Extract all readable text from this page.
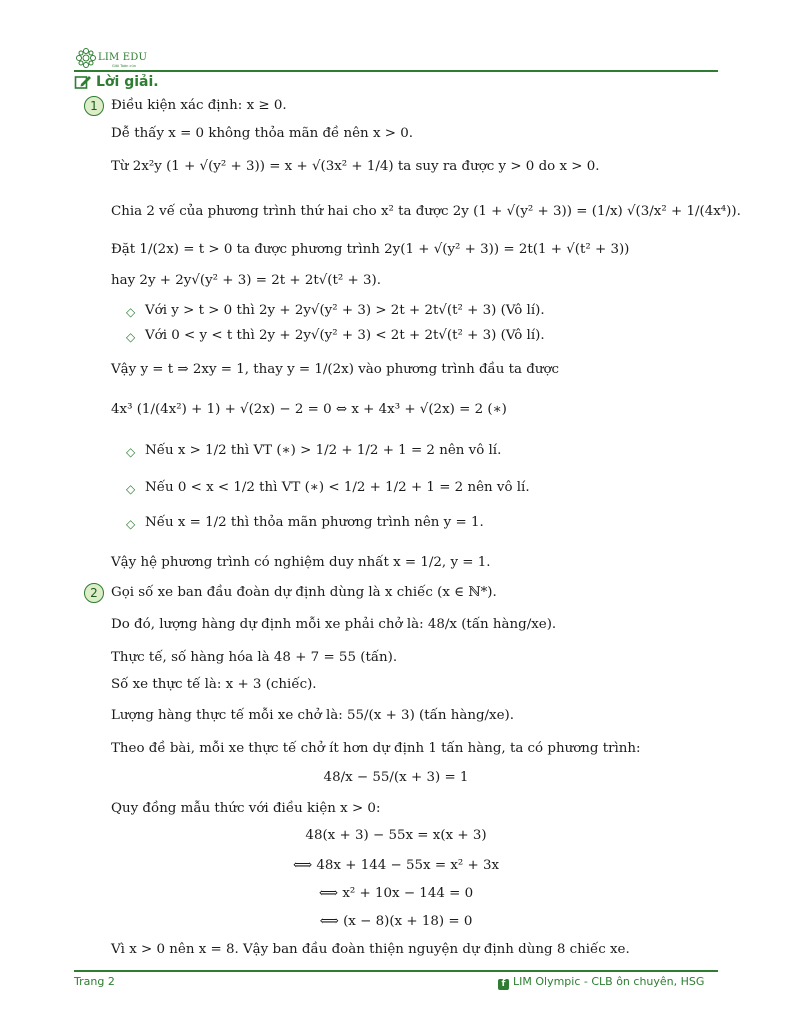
LIM EDU
Giỏi Toán cùn
Lời giải.
1 Điều kiện xác định: x ≥ 0.
Dễ thấy x = 0 không thỏa mãn đề nên x > 0.
Từ 2x²y (1 + √(y² + 3)) = x + √(3x² + 1/4) ta suy ra được y > 0 do x > 0.
Chia 2 vế của phương trình thứ hai cho x² ta được 2y (1 + √(y² + 3)) = (1/x) √(3/x² + 1/(4x⁴)).
Đặt 1/(2x) = t > 0 ta được phương trình 2y(1 + √(y² + 3)) = 2t(1 + √(t² + 3))
hay 2y + 2y√(y² + 3) = 2t + 2t√(t² + 3).
◇ Với y > t > 0 thì 2y + 2y√(y² + 3) > 2t + 2t√(t² + 3) (Vô lí).
◇ Với 0 < y < t thì 2y + 2y√(y² + 3) < 2t + 2t√(t² + 3) (Vô lí).
Vậy y = t ⇒ 2xy = 1, thay y = 1/(2x) vào phương trình đầu ta được
4x³ (1/(4x²) + 1) + √(2x) − 2 = 0 ⇔ x + 4x³ + √(2x) = 2 (∗)
◇ Nếu x > 1/2 thì VT (∗) > 1/2 + 1/2 + 1 = 2 nên vô lí.
◇ Nếu 0 < x < 1/2 thì VT (∗) < 1/2 + 1/2 + 1 = 2 nên vô lí.
◇ Nếu x = 1/2 thì thỏa mãn phương trình nên y = 1.
Vậy hệ phương trình có nghiệm duy nhất x = 1/2, y = 1.
2 Gọi số xe ban đầu đoàn dự định dùng là x chiếc (x ∈ ℕ*).
Do đó, lượng hàng dự định mỗi xe phải chở là: 48/x (tấn hàng/xe).
Thực tế, số hàng hóa là 48 + 7 = 55 (tấn).
Số xe thực tế là: x + 3 (chiếc).
Lượng hàng thực tế mỗi xe chở là: 55/(x + 3) (tấn hàng/xe).
Theo đề bài, mỗi xe thực tế chở ít hơn dự định 1 tấn hàng, ta có phương trình:
48/x − 55/(x + 3) = 1
Quy đồng mẫu thức với điều kiện x > 0:
48(x + 3) − 55x = x(x + 3)
⟺ 48x + 144 − 55x = x² + 3x
⟺ x² + 10x − 144 = 0
⟺ (x − 8)(x + 18) = 0
Vì x > 0 nên x = 8. Vậy ban đầu đoàn thiện nguyện dự định dùng 8 chiếc xe.
Trang 2	f LIM Olympic - CLB ôn chuyên, HSG
